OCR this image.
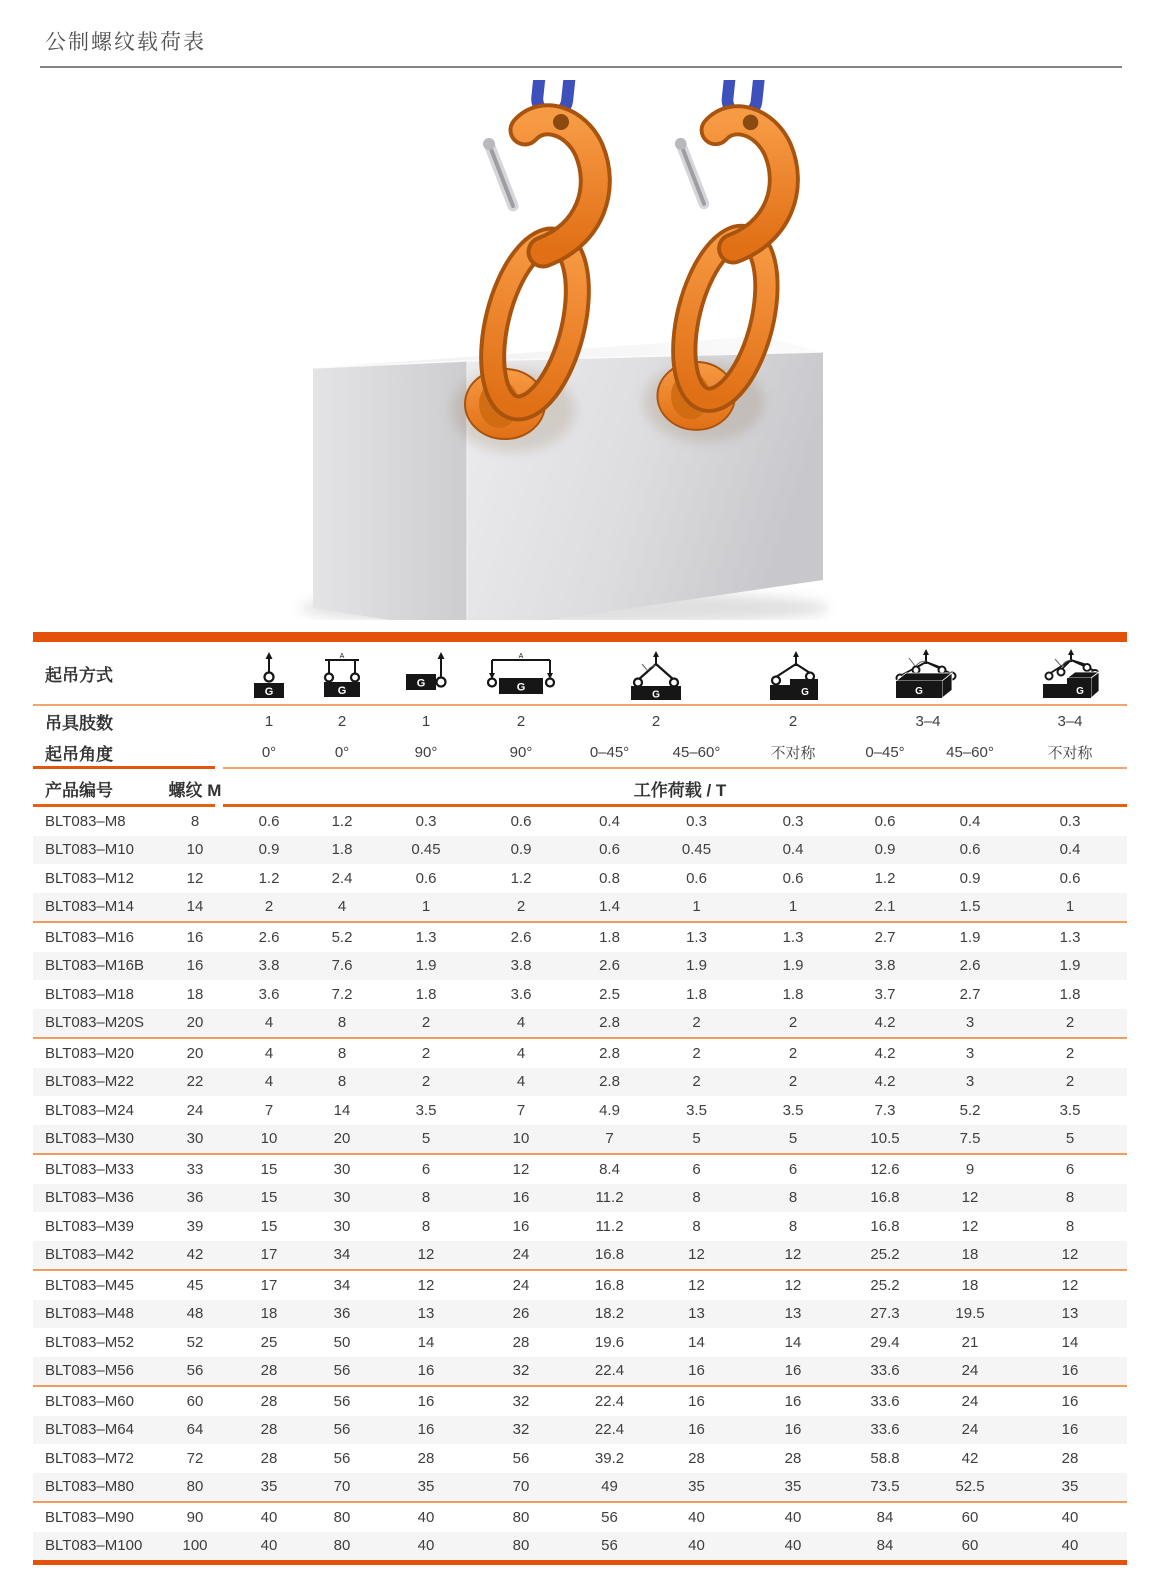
公制螺纹载荷表
起吊方式
G
A
G
G
A
G
G	G	G	G
吊具肢数	1	2	1	2	2	2	3–4	3–4
起吊角度	0°	0°	90°	90°	0–45°	45–60°	不对称	0–45°	45–60°	不对称
产品编号	螺纹 M	工作荷载 / T
BLT083–M8	8	0.6	1.2	0.3	0.6	0.4	0.3	0.3	0.6	0.4	0.3
BLT083–M10	10	0.9	1.8	0.45	0.9	0.6	0.45	0.4	0.9	0.6	0.4
BLT083–M12	12	1.2	2.4	0.6	1.2	0.8	0.6	0.6	1.2	0.9	0.6
BLT083–M14	14	2	4	1	2	1.4	1	1	2.1	1.5	1
BLT083–M16	16	2.6	5.2	1.3	2.6	1.8	1.3	1.3	2.7	1.9	1.3
BLT083–M16B	16	3.8	7.6	1.9	3.8	2.6	1.9	1.9	3.8	2.6	1.9
BLT083–M18	18	3.6	7.2	1.8	3.6	2.5	1.8	1.8	3.7	2.7	1.8
BLT083–M20S	20	4	8	2	4	2.8	2	2	4.2	3	2
BLT083–M20	20	4	8	2	4	2.8	2	2	4.2	3	2
BLT083–M22	22	4	8	2	4	2.8	2	2	4.2	3	2
BLT083–M24	24	7	14	3.5	7	4.9	3.5	3.5	7.3	5.2	3.5
BLT083–M30	30	10	20	5	10	7	5	5	10.5	7.5	5
BLT083–M33	33	15	30	6	12	8.4	6	6	12.6	9	6
BLT083–M36	36	15	30	8	16	11.2	8	8	16.8	12	8
BLT083–M39	39	15	30	8	16	11.2	8	8	16.8	12	8
BLT083–M42	42	17	34	12	24	16.8	12	12	25.2	18	12
BLT083–M45	45	17	34	12	24	16.8	12	12	25.2	18	12
BLT083–M48	48	18	36	13	26	18.2	13	13	27.3	19.5	13
BLT083–M52	52	25	50	14	28	19.6	14	14	29.4	21	14
BLT083–M56	56	28	56	16	32	22.4	16	16	33.6	24	16
BLT083–M60	60	28	56	16	32	22.4	16	16	33.6	24	16
BLT083–M64	64	28	56	16	32	22.4	16	16	33.6	24	16
BLT083–M72	72	28	56	28	56	39.2	28	28	58.8	42	28
BLT083–M80	80	35	70	35	70	49	35	35	73.5	52.5	35
BLT083–M90	90	40	80	40	80	56	40	40	84	60	40
BLT083–M100	100	40	80	40	80	56	40	40	84	60	40
